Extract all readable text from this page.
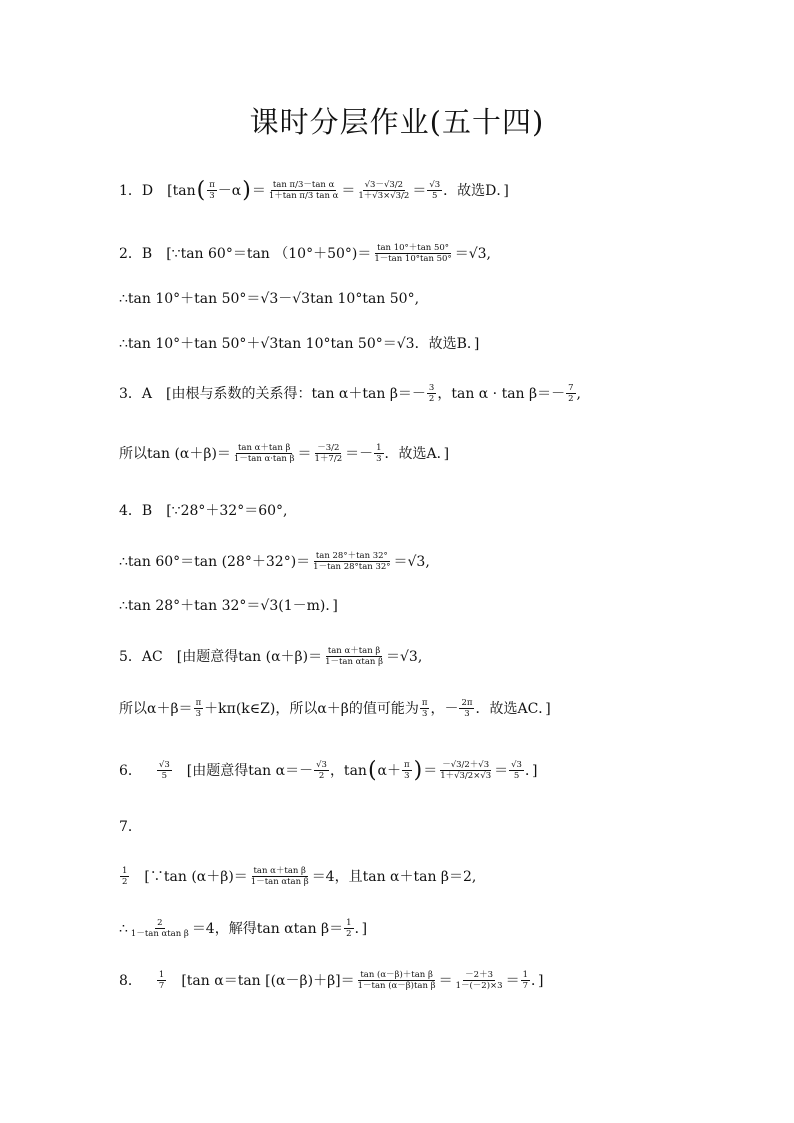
课时分层作业(五十四)
1．D [tan ( $\frac{\pi}{3} -\alpha$ ) ＝ $\frac{\text{tan π/3－tan α}}{\text{1＋tan π/3 tan α}} = \frac{√3-√3/2}{1+√3\times√3/2} = \frac{√3}{5}$ ．故选D．]
2．B [∵tan 60°＝tan $(10^\circ+50^\circ)= \frac{\tan 10^\circ+\tan 50^\circ}{1-\tan 10^\circ\tan 50^\circ} =√3$,
∴tan 10°＋tan 50°＝√3－√3tan 10°tan 50°,
∴tan 10°＋tan 50°＋√3tan 10°tan 50°＝√3．故选B．]
3．A [由根与系数的关系得：tan α＋tan $\beta=- \frac{3}{2}$ ，$\tan \alpha \cdot \tan \beta=- \frac{7}{2}$ ,
所以$\tan (\alpha+\beta)= \frac{\text{tan α＋tan β}}{\text{1－tan α·tan β}} = \frac{-3/2}{1+7/2} =- \frac{1}{3}$ ．故选A．]
4．B [∵28°＋32°＝60°,
∴tan 60°＝tan $(28^\circ+32^\circ)= \frac{\tan 28^\circ+\tan 32^\circ}{1-\tan 28^\circ\tan 32^\circ} =√3$,
∴tan 28°＋tan 32°＝√3(1－m)．]
5．AC [由题意得$\tan (\alpha+\beta)= \frac{\text{tan α＋tan β}}{\text{1－tan αtan β}} =√3$,
所以$\alpha+\beta= \frac{\pi}{3}$ ＋kπ(k∈Z)，所以α＋β的值可能为 $\frac{\pi}{3}$ ，－ $\frac{2\pi}{3}$ ．故选AC．]
6． $\frac{√3}{5}$ 　[由题意得$\tan \alpha=- \frac{√3}{2}$ ，tan ( $\alpha+ \frac{\pi}{3}$ ) ＝ $\frac{-√3/2+√3}{1+√3/2\times√3} = \frac{√3}{5}$ ．]
7．
$\frac{1}{2}$ 　[∵tan $(\alpha+\beta)= \frac{\text{tan α＋tan β}}{\text{1－tan αtan β}} =4$，且tan α＋tan β＝2,
∴ $\frac{2}{\text{1－tan αtan β}} =4$，解得tan αtan $\beta= \frac{1}{2}$ ．]
8． $\frac{1}{7}$ 　[tan α＝tan $[(\alpha-\beta)+\beta]= \frac{\text{tan (α－β)＋tan β}}{\text{1－tan (α－β)tan β}} = \frac{-2+3}{1-(-2)\times 3} = \frac{1}{7}$ ．]
